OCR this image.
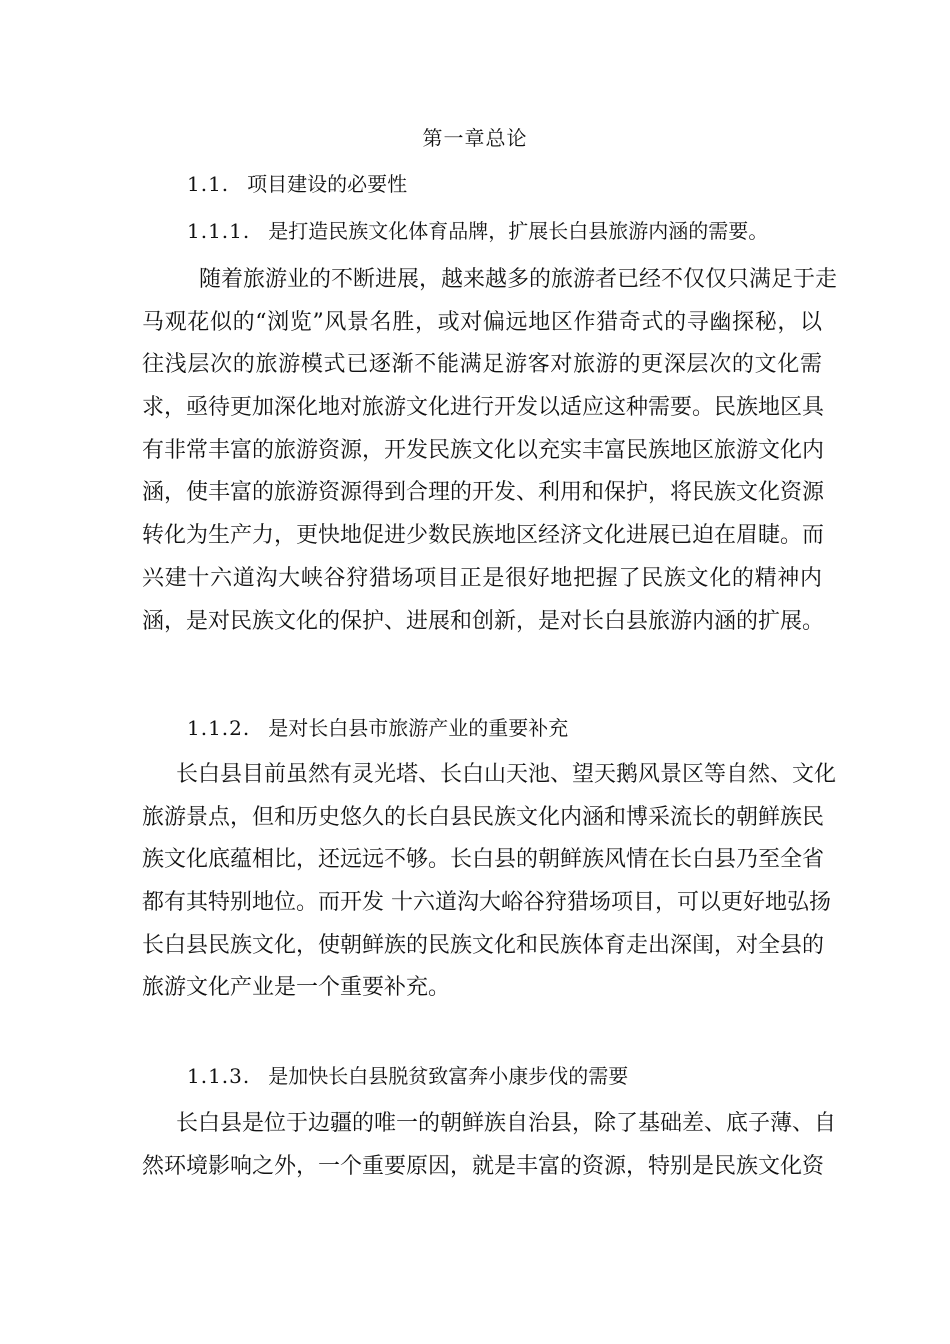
第一章总论
1.1. 项目建设的必要性
1.1.1. 是打造民族文化体育品牌，扩展长白县旅游内涵的需要。
随着旅游业的不断进展，越来越多的旅游者已经不仅仅只满足于走
马观花似的“浏览”风景名胜，或对偏远地区作猎奇式的寻幽探秘，以
往浅层次的旅游模式已逐渐不能满足游客对旅游的更深层次的文化需
求，亟待更加深化地对旅游文化进行开发以适应这种需要。民族地区具
有非常丰富的旅游资源，开发民族文化以充实丰富民族地区旅游文化内
涵，使丰富的旅游资源得到合理的开发、利用和保护，将民族文化资源
转化为生产力，更快地促进少数民族地区经济文化进展已迫在眉睫。而
兴建十六道沟大峡谷狩猎场项目正是很好地把握了民族文化的精神内
涵，是对民族文化的保护、进展和创新，是对长白县旅游内涵的扩展。
1.1.2. 是对长白县市旅游产业的重要补充
长白县目前虽然有灵光塔、长白山天池、望天鹅风景区等自然、文化
旅游景点，但和历史悠久的长白县民族文化内涵和博采流长的朝鲜族民
族文化底蕴相比，还远远不够。长白县的朝鲜族风情在长白县乃至全省
都有其特别地位。而开发 十六道沟大峪谷狩猎场项目，可以更好地弘扬
长白县民族文化，使朝鲜族的民族文化和民族体育走出深闺，对全县的
旅游文化产业是一个重要补充。
1.1.3. 是加快长白县脱贫致富奔小康步伐的需要
长白县是位于边疆的唯一的朝鲜族自治县，除了基础差、底子薄、自
然环境影响之外，一个重要原因，就是丰富的资源，特别是民族文化资
